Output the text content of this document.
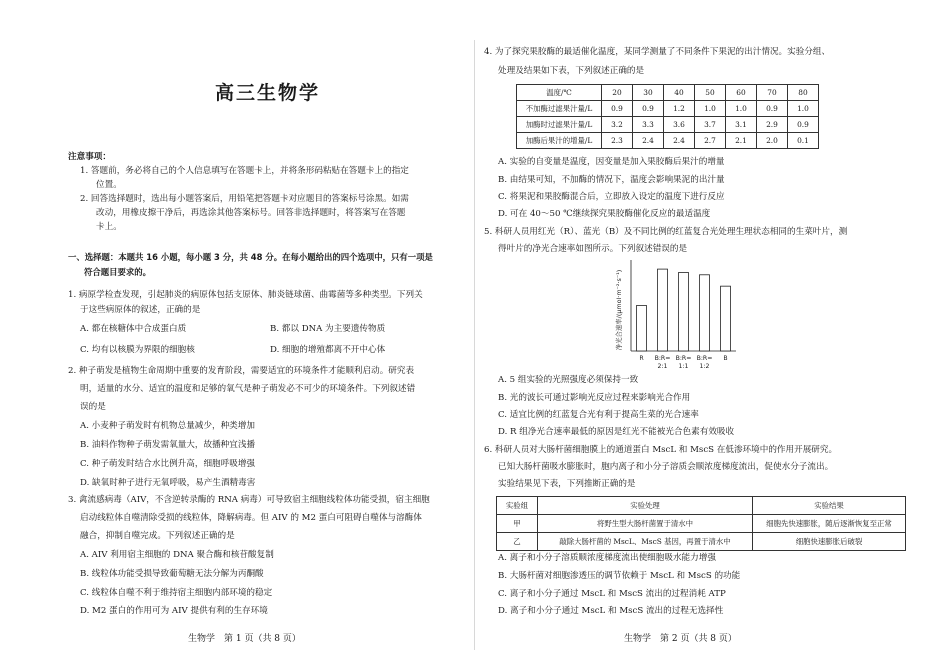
高三生物学
注意事项：
1. 答题前，务必将自己的个人信息填写在答题卡上，并将条形码粘贴在答题卡上的指定
位置。
2. 回答选择题时，选出每小题答案后，用铅笔把答题卡对应题目的答案标号涂黑。如需
改动，用橡皮擦干净后，再选涂其他答案标号。回答非选择题时，将答案写在答题
卡上。
一、选择题：本题共 16 小题，每小题 3 分，共 48 分。在每小题给出的四个选项中，只有一项是
符合题目要求的。
1. 病原学检查发现，引起肺炎的病原体包括支原体、肺炎链球菌、曲霉菌等多种类型。下列关
于这些病原体的叙述，正确的是
A. 都在核糖体中合成蛋白质	B. 都以 DNA 为主要遗传物质
C. 均有以核膜为界限的细胞核	D. 细胞的增殖都离不开中心体
2. 种子萌发是植物生命周期中重要的发育阶段，需要适宜的环境条件才能顺利启动。研究表
明，适量的水分、适宜的温度和足够的氧气是种子萌发必不可少的环境条件。下列叙述错
误的是
A. 小麦种子萌发时有机物总量减少，种类增加
B. 油料作物种子萌发需氧量大，故播种宜浅播
C. 种子萌发时结合水比例升高，细胞呼吸增强
D. 缺氧时种子进行无氧呼吸，易产生酒精毒害
3. 禽流感病毒（AIV，不含逆转录酶的 RNA 病毒）可导致宿主细胞线粒体功能受损，宿主细胞
启动线粒体自噬清除受损的线粒体，降解病毒。但 AIV 的 M2 蛋白可阻碍自噬体与溶酶体
融合，抑制自噬完成。下列叙述正确的是
A. AIV 利用宿主细胞的 DNA 聚合酶和核苷酸复制
B. 线粒体功能受损导致葡萄糖无法分解为丙酮酸
C. 线粒体自噬不利于维持宿主细胞内部环境的稳定
D. M2 蛋白的作用可为 AIV 提供有利的生存环境
生物学　第 1 页（共 8 页）
4. 为了探究果胶酶的最适催化温度，某同学测量了不同条件下果泥的出汁情况。实验分组、
处理及结果如下表，下列叙述正确的是
温度/℃	20	30	40	50	60	70	80
不加酶过滤果汁量/L	0.9	0.9	1.2	1.0	1.0	0.9	1.0
加酶时过滤果汁量/L	3.2	3.3	3.6	3.7	3.1	2.9	0.9
加酶后果汁的增量/L	2.3	2.4	2.4	2.7	2.1	2.0	0.1
A. 实验的自变量是温度，因变量是加入果胶酶后果汁的增量
B. 由结果可知，不加酶的情况下，温度会影响果泥的出汁量
C. 将果泥和果胶酶混合后，立即放入设定的温度下进行反应
D. 可在 40～50 ℃继续探究果胶酶催化反应的最适温度
5. 科研人员用红光（R）、蓝光（B）及不同比例的红蓝复合光处理生理状态相同的生菜叶片，测
得叶片的净光合速率如图所示。下列叙述错误的是
净光合速率/(μmol·m⁻²·s⁻¹)
R B:R=
2:1
B:R=
1:1
B:R=
1:2
B
A. 5 组实验的光照强度必须保持一致
B. 光的波长可通过影响光反应过程来影响光合作用
C. 适宜比例的红蓝复合光有利于提高生菜的光合速率
D. R 组净光合速率最低的原因是红光不能被光合色素有效吸收
6. 科研人员对大肠杆菌细胞膜上的通道蛋白 MscL 和 MscS 在低渗环境中的作用开展研究。
已知大肠杆菌吸水膨胀时，胞内离子和小分子溶质会顺浓度梯度流出，促使水分子流出。
实验结果见下表，下列推断正确的是
实验组	实验处理	实验结果
甲	将野生型大肠杆菌置于清水中	细胞先快速膨胀，随后逐渐恢复至正常
乙	敲除大肠杆菌的 MscL、MscS 基因，再置于清水中	细胞快速膨胀后破裂
A. 离子和小分子溶质顺浓度梯度流出使细胞吸水能力增强
B. 大肠杆菌对细胞渗透压的调节依赖于 MscL 和 MscS 的功能
C. 离子和小分子通过 MscL 和 MscS 流出的过程消耗 ATP
D. 离子和小分子通过 MscL 和 MscS 流出的过程无选择性
生物学　第 2 页（共 8 页）
